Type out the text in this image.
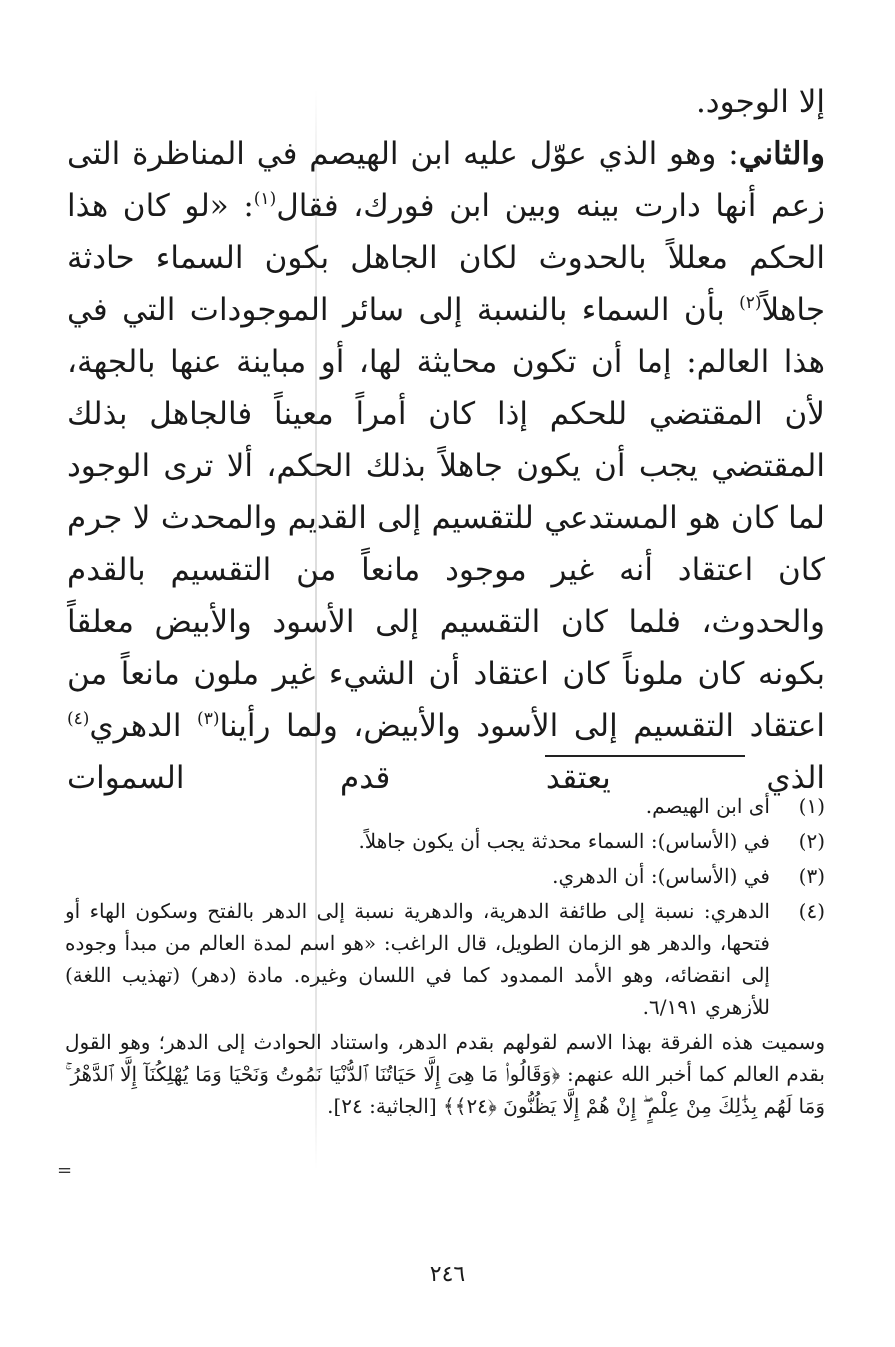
إلا الوجود.

والثاني: وهو الذي عوّل عليه ابن الهيصم في المناظرة التى زعم أنها دارت بينه وبين ابن فورك، فقال$^{(١)}$: «لو كان هذا الحكم معللاً بالحدوث لكان الجاهل بكون السماء حادثة جاهلاً$^{(٢)}$ بأن السماء بالنسبة إلى سائر الموجودات التي في هذا العالم: إما أن تكون محايثة لها، أو مباينة عنها بالجهة، لأن المقتضي للحكم إذا كان أمراً معيناً فالجاهل بذلك المقتضي يجب أن يكون جاهلاً بذلك الحكم، ألا ترى الوجود لما كان هو المستدعي للتقسيم إلى القديم والمحدث لا جرم كان اعتقاد أنه غير موجود مانعاً من التقسيم بالقدم والحدوث، فلما كان التقسيم إلى الأسود والأبيض معلقاً بكونه كان ملوناً كان اعتقاد أن الشيء غير ملون مانعاً من اعتقاد التقسيم إلى الأسود والأبيض، ولما رأينا$^{(٣)}$ الدهري$^{(٤)}$ الذي يعتقد قدم السموات

(١)
أى ابن الهيصم.
(٢)
في (الأساس): السماء محدثة يجب أن يكون جاهلاً.
(٣)
في (الأساس): أن الدهري.
(٤)
الدهري: نسبة إلى طائفة الدهرية، والدهرية نسبة إلى الدهر بالفتح وسكون الهاء أو فتحها، والدهر هو الزمان الطويل، قال الراغب: «هو اسم لمدة العالم من مبدأ وجوده إلى انقضائه، وهو الأمد الممدود كما في اللسان وغيره. مادة (دهر) (تهذيب اللغة) للأزهري ٦/١٩١.

وسميت هذه الفرقة بهذا الاسم لقولهم بقدم الدهر، واستناد الحوادث إلى الدهر؛ وهو القول بقدم العالم كما أخبر الله عنهم: ﴿وَقَالُوا۟ مَا هِىَ إِلَّا حَيَاتُنَا ٱلدُّنْيَا نَمُوتُ وَنَحْيَا وَمَا يُهْلِكُنَآ إِلَّا ٱلدَّهْرُ ۚ وَمَا لَهُم بِذَٰلِكَ مِنْ عِلْمٍ ۖ إِنْ هُمْ إِلَّا يَظُنُّونَ ﴿٢٤﴾﴾ [الجاثية: ٢٤].

=
٢٤٦
